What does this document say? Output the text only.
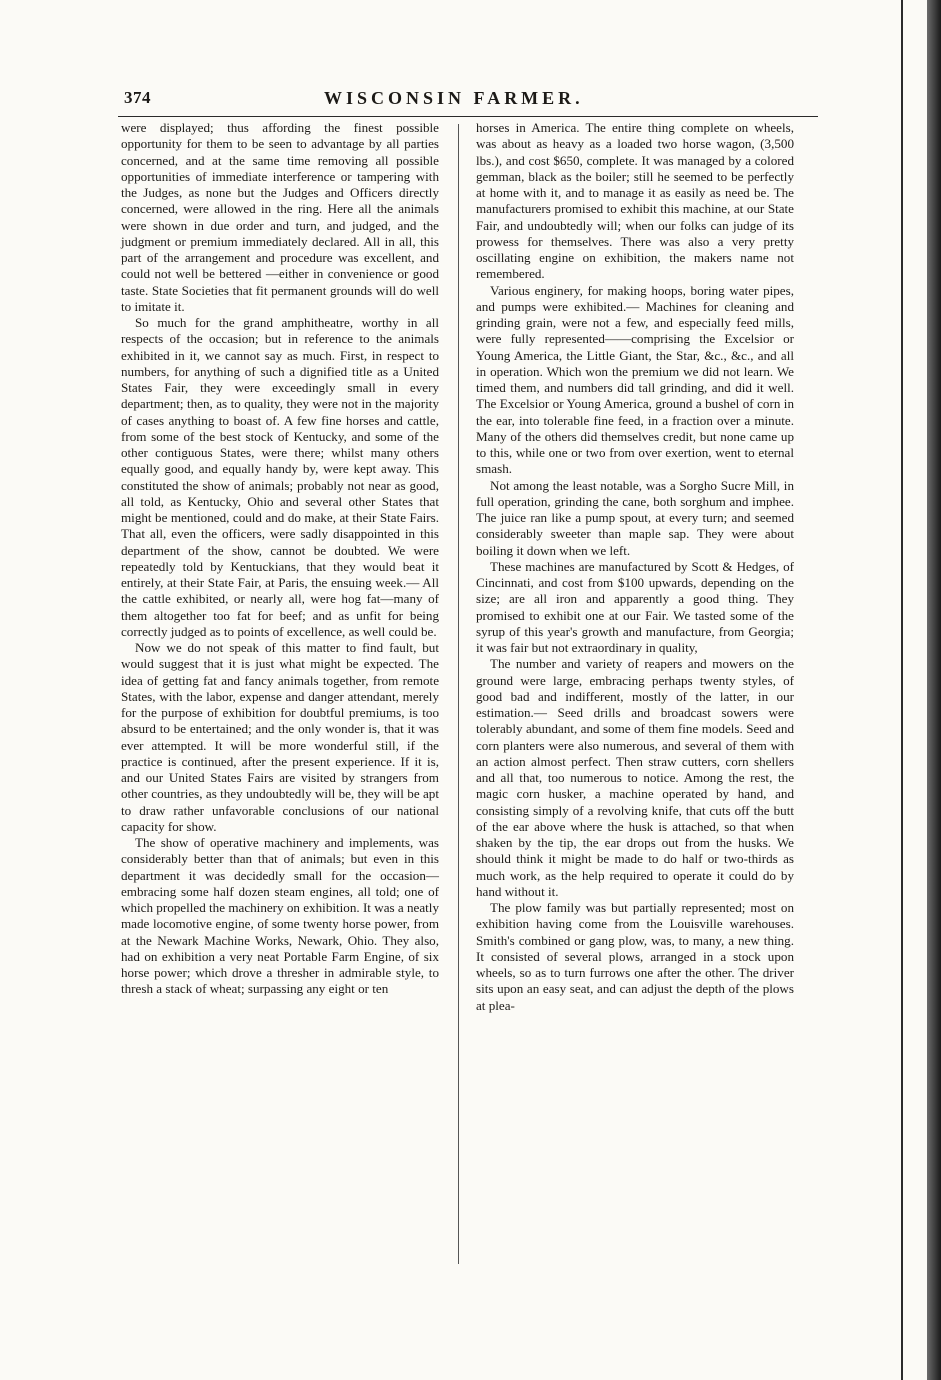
374	WISCONSIN FARMER.

were displayed; thus affording the finest possible opportunity for them to be seen to advantage by all parties concerned, and at the same time removing all possible opportunities of immediate interference or tampering with the Judges, as none but the Judges and Officers directly concerned, were allowed in the ring. Here all the animals were shown in due order and turn, and judged, and the judgment or premium immediately declared. All in all, this part of the arrangement and procedure was excellent, and could not well be bettered —either in convenience or good taste. State Societies that fit permanent grounds will do well to imitate it.

So much for the grand amphitheatre, worthy in all respects of the occasion; but in reference to the animals exhibited in it, we cannot say as much. First, in respect to numbers, for anything of such a dignified title as a United States Fair, they were exceedingly small in every department; then, as to quality, they were not in the majority of cases anything to boast of. A few fine horses and cattle, from some of the best stock of Kentucky, and some of the other contiguous States, were there; whilst many others equally good, and equally handy by, were kept away. This constituted the show of animals; probably not near as good, all told, as Kentucky, Ohio and several other States that might be mentioned, could and do make, at their State Fairs. That all, even the officers, were sadly disappointed in this department of the show, cannot be doubted. We were repeatedly told by Kentuckians, that they would beat it entirely, at their State Fair, at Paris, the ensuing week.— All the cattle exhibited, or nearly all, were hog fat—many of them altogether too fat for beef; and as unfit for being correctly judged as to points of excellence, as well could be.

Now we do not speak of this matter to find fault, but would suggest that it is just what might be expected. The idea of getting fat and fancy animals together, from remote States, with the labor, expense and danger attendant, merely for the purpose of exhibition for doubtful premiums, is too absurd to be entertained; and the only wonder is, that it was ever attempted. It will be more wonderful still, if the practice is continued, after the present experience. If it is, and our United States Fairs are visited by strangers from other countries, as they undoubtedly will be, they will be apt to draw rather unfavorable conclusions of our national capacity for show.

The show of operative machinery and implements, was considerably better than that of animals; but even in this department it was decidedly small for the occasion—embracing some half dozen steam engines, all told; one of which propelled the machinery on exhibition. It was a neatly made locomotive engine, of some twenty horse power, from at the Newark Machine Works, Newark, Ohio. They also, had on exhibition a very neat Portable Farm Engine, of six horse power; which drove a thresher in admirable style, to thresh a stack of wheat; surpassing any eight or ten

horses in America. The entire thing complete on wheels, was about as heavy as a loaded two horse wagon, (3,500 lbs.), and cost $650, complete. It was managed by a colored gemman, black as the boiler; still he seemed to be perfectly at home with it, and to manage it as easily as need be. The manufacturers promised to exhibit this machine, at our State Fair, and undoubtedly will; when our folks can judge of its prowess for themselves. There was also a very pretty oscillating engine on exhibition, the makers name not remembered.

Various enginery, for making hoops, boring water pipes, and pumps were exhibited.— Machines for cleaning and grinding grain, were not a few, and especially feed mills, were fully represented——comprising the Excelsior or Young America, the Little Giant, the Star, &c., &c., and all in operation. Which won the premium we did not learn. We timed them, and numbers did tall grinding, and did it well. The Excelsior or Young America, ground a bushel of corn in the ear, into tolerable fine feed, in a fraction over a minute. Many of the others did themselves credit, but none came up to this, while one or two from over exertion, went to eternal smash.

Not among the least notable, was a Sorgho Sucre Mill, in full operation, grinding the cane, both sorghum and imphee. The juice ran like a pump spout, at every turn; and seemed considerably sweeter than maple sap. They were about boiling it down when we left.

These machines are manufactured by Scott & Hedges, of Cincinnati, and cost from $100 upwards, depending on the size; are all iron and apparently a good thing. They promised to exhibit one at our Fair. We tasted some of the syrup of this year's growth and manufacture, from Georgia; it was fair but not extraordinary in quality,

The number and variety of reapers and mowers on the ground were large, embracing perhaps twenty styles, of good bad and indifferent, mostly of the latter, in our estimation.— Seed drills and broadcast sowers were tolerably abundant, and some of them fine models. Seed and corn planters were also numerous, and several of them with an action almost perfect. Then straw cutters, corn shellers and all that, too numerous to notice. Among the rest, the magic corn husker, a machine operated by hand, and consisting simply of a revolving knife, that cuts off the butt of the ear above where the husk is attached, so that when shaken by the tip, the ear drops out from the husks. We should think it might be made to do half or two-thirds as much work, as the help required to operate it could do by hand without it.

The plow family was but partially represented; most on exhibition having come from the Louisville warehouses. Smith's combined or gang plow, was, to many, a new thing. It consisted of several plows, arranged in a stock upon wheels, so as to turn furrows one after the other. The driver sits upon an easy seat, and can adjust the depth of the plows at plea-
